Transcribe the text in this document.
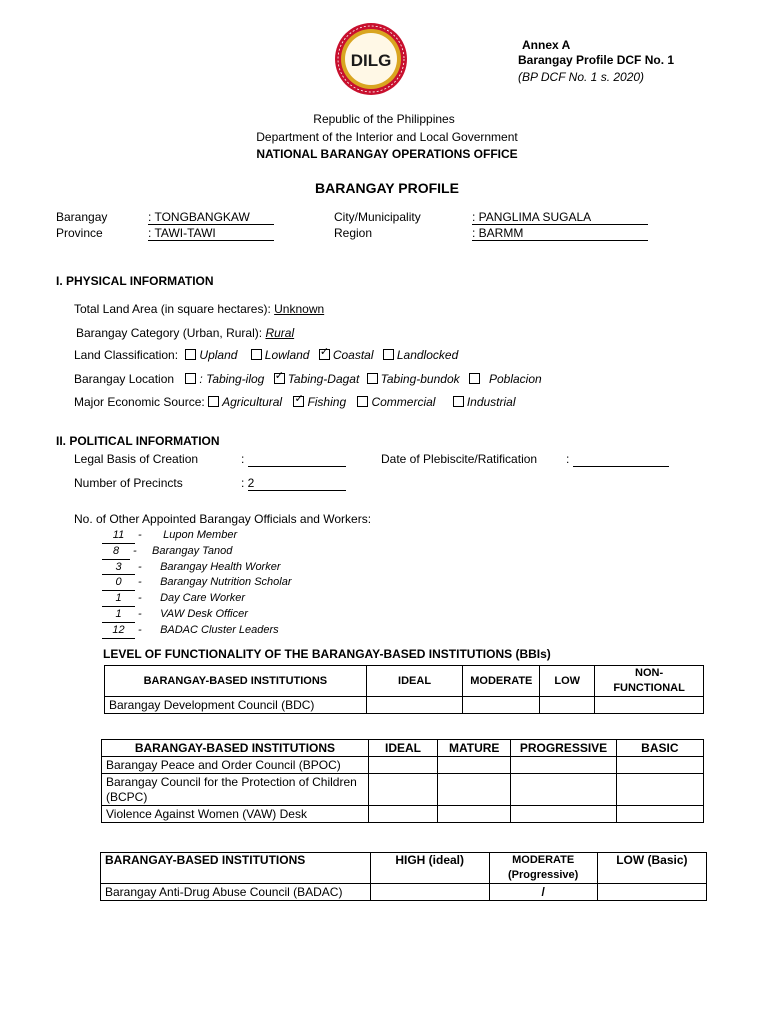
DILG
Annex A
Barangay Profile DCF No. 1
(BP DCF No. 1 s. 2020)
Republic of the Philippines
Department of the Interior and Local Government
NATIONAL BARANGAY OPERATIONS OFFICE
BARANGAY PROFILE
Barangay	: TONGBANGKAW
Province	: TAWI-TAWI
City/Municipality	: PANGLIMA SUGALA
Region	: BARMM
I. PHYSICAL INFORMATION
Total Land Area (in square hectares): Unknown
Barangay Category (Urban, Rural): Rural
Land Classification: Upland Lowland ✓ Coastal Landlocked
Barangay Location : Tabing-ilog ✓ Tabing-Dagat Tabing-bundok Poblacion
Major Economic Source: Agricultural ✓ Fishing Commercial	Industrial
II. POLITICAL INFORMATION
Legal Basis of Creation	:	Date of Plebiscite/Ratification :
Number of Precincts	: 2
No. of Other Appointed Barangay Officials and Workers:
11 -       Lupon Member
8 -     Barangay Tanod
3 -      Barangay Health Worker
0 -      Barangay Nutrition Scholar
1 -      Day Care Worker
1 -      VAW Desk Officer
12 -      BADAC Cluster Leaders
LEVEL OF FUNCTIONALITY OF THE BARANGAY-BASED INSTITUTIONS (BBIs)
BARANGAY-BASED INSTITUTIONS	IDEAL	MODERATE	LOW	NON-
FUNCTIONAL
Barangay Development Council (BDC)				
BARANGAY-BASED INSTITUTIONS	IDEAL	MATURE	PROGRESSIVE	BASIC
Barangay Peace and Order Council (BPOC)				
Barangay Council for the Protection of Children (BCPC)				
Violence Against Women (VAW) Desk				
BARANGAY-BASED INSTITUTIONS	HIGH (ideal)	MODERATE
(Progressive)	LOW (Basic)
Barangay Anti-Drug Abuse Council (BADAC)		/	
